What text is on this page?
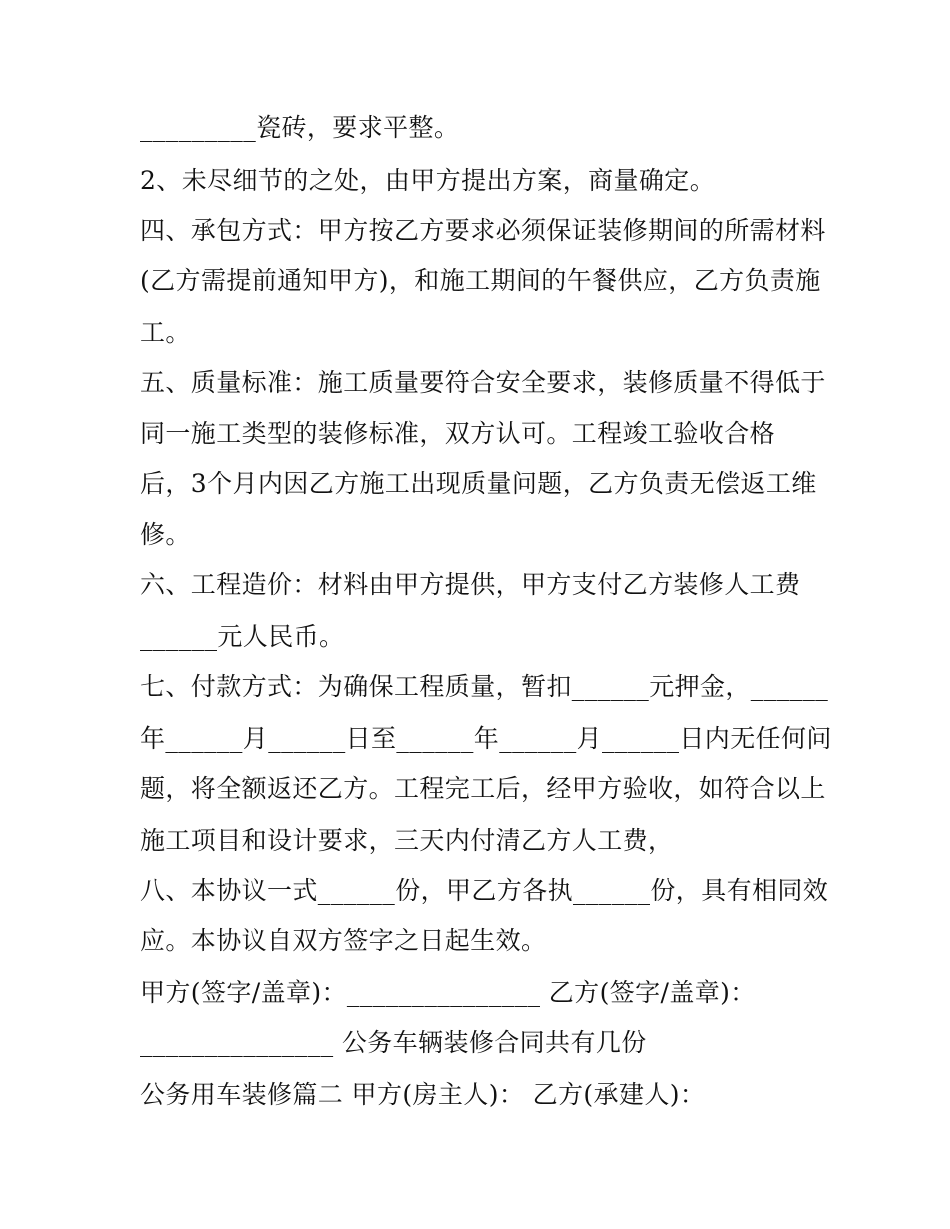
_________瓷砖，要求平整。
2、未尽细节的之处，由甲方提出方案，商量确定。
四、承包方式：甲方按乙方要求必须保证装修期间的所需材料
(乙方需提前通知甲方)，和施工期间的午餐供应，乙方负责施
工。
五、质量标准：施工质量要符合安全要求，装修质量不得低于
同一施工类型的装修标准，双方认可。工程竣工验收合格
后，3个月内因乙方施工出现质量问题，乙方负责无偿返工维
修。
六、工程造价：材料由甲方提供，甲方支付乙方装修人工费
______元人民币。
七、付款方式：为确保工程质量，暂扣______元押金，______
年______月______日至______年______月______日内无任何问
题，将全额返还乙方。工程完工后，经甲方验收，如符合以上
施工项目和设计要求，三天内付清乙方人工费，
八、本协议一式______份，甲乙方各执______份，具有相同效
应。本协议自双方签字之日起生效。
甲方(签字/盖章)：_______________ 乙方(签字/盖章)：
_______________ 公务车辆装修合同共有几份
公务用车装修篇二 甲方(房主人)： 乙方(承建人)：
